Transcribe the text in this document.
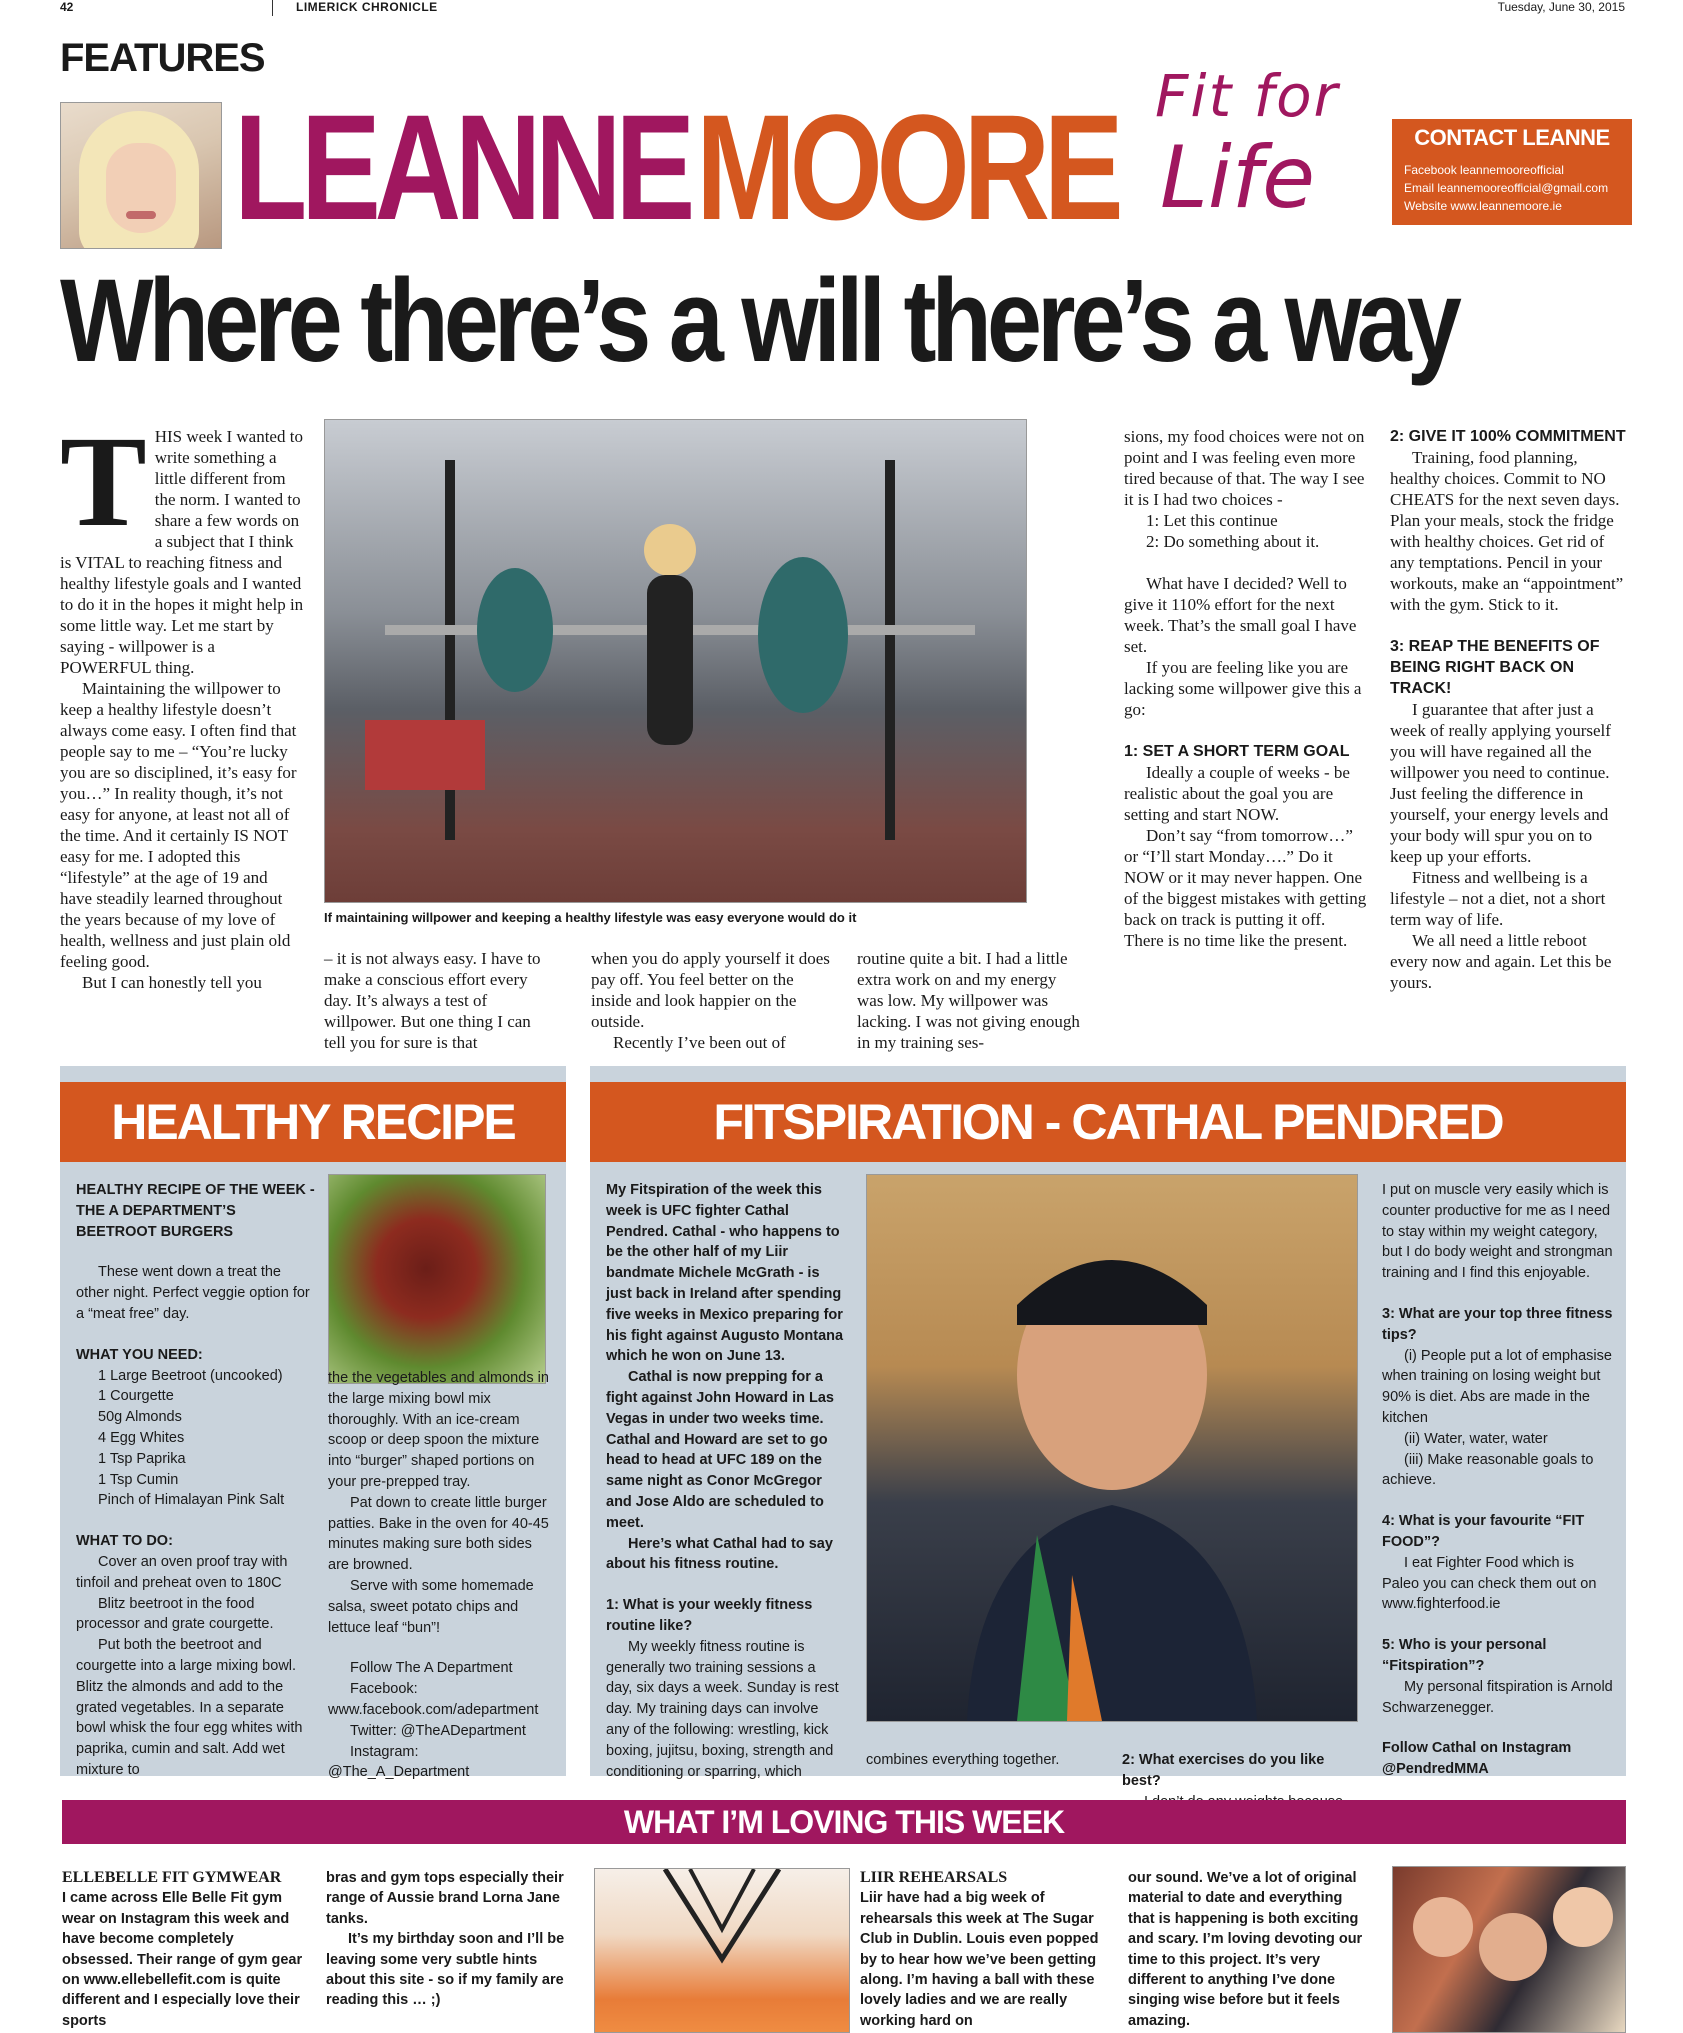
42	LIMERICK CHRONICLE	Tuesday, June 30, 2015
FEATURES
LEANNE MOORE Fit for
Life	CONTACT LEANNE
Facebook leannemooreofficial
Email leannemooreofficial@gmail.com
Website www.leannemoore.ie
Where there’s a will there’s a way
T HIS week I wanted to write something a little different from the norm. I wanted to share a few words on a subject that I think is VITAL to reaching fitness and healthy lifestyle goals and I wanted to do it in the hopes it might help in some little way. Let me start by saying - willpower is a POWERFUL thing.

Maintaining the willpower to keep a healthy lifestyle doesn’t always come easy. I often find that people say to me – “You’re lucky you are so disciplined, it’s easy for you…” In reality though, it’s not easy for anyone, at least not all of the time. And it certainly IS NOT easy for me. I adopted this “lifestyle” at the age of 19 and have steadily learned throughout the years because of my love of health, wellness and just plain old feeling good.

But I can honestly tell you

If maintaining willpower and keeping a healthy lifestyle was easy everyone would do it

– it is not always easy. I have to make a conscious effort every day. It’s always a test of willpower. But one thing I can tell you for sure is that

when you do apply yourself it does pay off. You feel better on the inside and look happier on the outside.

Recently I’ve been out of

routine quite a bit. I had a little extra work on and my energy was low. My willpower was lacking. I was not giving enough in my training ses-

sions, my food choices were not on point and I was feeling even more tired because of that. The way I see it is I had two choices -

1: Let this continue

2: Do something about it.

What have I decided? Well to give it 110% effort for the next week. That’s the small goal I have set.

If you are feeling like you are lacking some willpower give this a go:

1: SET A SHORT TERM GOAL

Ideally a couple of weeks - be realistic about the goal you are setting and start NOW.

Don’t say “from tomorrow…” or “I’ll start Monday….” Do it NOW or it may never happen. One of the biggest mistakes with getting back on track is putting it off. There is no time like the present.

2: GIVE IT 100% COMMITMENT

Training, food planning, healthy choices. Commit to NO CHEATS for the next seven days. Plan your meals, stock the fridge with healthy choices. Get rid of any temptations. Pencil in your workouts, make an “appointment” with the gym. Stick to it.

3: REAP THE BENEFITS OF BEING RIGHT BACK ON TRACK!

I guarantee that after just a week of really applying yourself you will have regained all the willpower you need to continue. Just feeling the difference in yourself, your energy levels and your body will spur you on to keep up your efforts.

Fitness and wellbeing is a lifestyle – not a diet, not a short term way of life.

We all need a little reboot every now and again. Let this be yours.

HEALTHY RECIPE

HEALTHY RECIPE OF THE WEEK - THE A DEPARTMENT’S BEETROOT BURGERS

These went down a treat the other night. Perfect veggie option for a “meat free” day.

WHAT YOU NEED:

1 Large Beetroot (uncooked)

1 Courgette

50g Almonds

4 Egg Whites

1 Tsp Paprika

1 Tsp Cumin

Pinch of Himalayan Pink Salt

WHAT TO DO:

Cover an oven proof tray with tinfoil and preheat oven to 180C

Blitz beetroot in the food processor and grate courgette.

Put both the beetroot and courgette into a large mixing bowl. Blitz the almonds and add to the grated vegetables. In a separate bowl whisk the four egg whites with paprika, cumin and salt. Add wet mixture to

the the vegetables and almonds in the large mixing bowl mix thoroughly. With an ice-cream scoop or deep spoon the mixture into “burger” shaped portions on your pre-prepped tray.

Pat down to create little burger patties. Bake in the oven for 40-45 minutes making sure both sides are browned.

Serve with some homemade salsa, sweet potato chips and lettuce leaf “bun”!

Follow The A Department

Facebook: www.facebook.com/adepartment

Twitter: @TheADepartment

Instagram: @The_A_Department

FITSPIRATION - CATHAL PENDRED

My Fitspiration of the week this week is UFC fighter Cathal Pendred. Cathal - who happens to be the other half of my Liir bandmate Michele McGrath - is just back in Ireland after spending five weeks in Mexico preparing for his fight against Augusto Montana which he won on June 13.

Cathal is now prepping for a fight against John Howard in Las Vegas in under two weeks time. Cathal and Howard are set to go head to head at UFC 189 on the same night as Conor McGregor and Jose Aldo are scheduled to meet.

Here’s what Cathal had to say about his fitness routine.

1: What is your weekly fitness routine like?

My weekly fitness routine is generally two training sessions a day, six days a week. Sunday is rest day. My training days can involve any of the following: wrestling, kick boxing, jujitsu, boxing, strength and conditioning or sparring, which

combines everything together.	2: What exercises do you like best?

I put on muscle very easily which is counter productive for me as I need to stay within my weight category, but I do body weight and strongman training and I find this enjoyable.

3: What are your top three fitness tips?

(i) People put a lot of emphasise when training on losing weight but 90% is diet. Abs are made in the kitchen

(ii) Water, water, water

(iii) Make reasonable goals to achieve.

4: What is your favourite “FIT FOOD”?

I eat Fighter Food which is Paleo you can check them out on www.fighterfood.ie

5: Who is your personal “Fitspiration”?

My personal fitspiration is Arnold Schwarzenegger.

Follow Cathal on Instagram @PendredMMA

WHAT I’M LOVING THIS WEEK

ELLEBELLE FIT GYMWEAR

I came across Elle Belle Fit gym wear on Instagram this week and have become completely obsessed. Their range of gym gear on www.ellebellefit.com is quite different and I especially love their sports

bras and gym tops especially their range of Aussie brand Lorna Jane tanks.

It’s my birthday soon and I’ll be leaving some very subtle hints about this site - so if my family are reading this … ;)

LIIR REHEARSALS

Liir have had a big week of rehearsals this week at The Sugar Club in Dublin. Louis even popped by to hear how we’ve been getting along. I’m having a ball with these lovely ladies and we are really working hard on

our sound. We’ve a lot of original material to date and everything that is happening is both exciting and scary. I’m loving devoting our time to this project. It’s very different to anything I’ve done singing wise before but it feels amazing.
